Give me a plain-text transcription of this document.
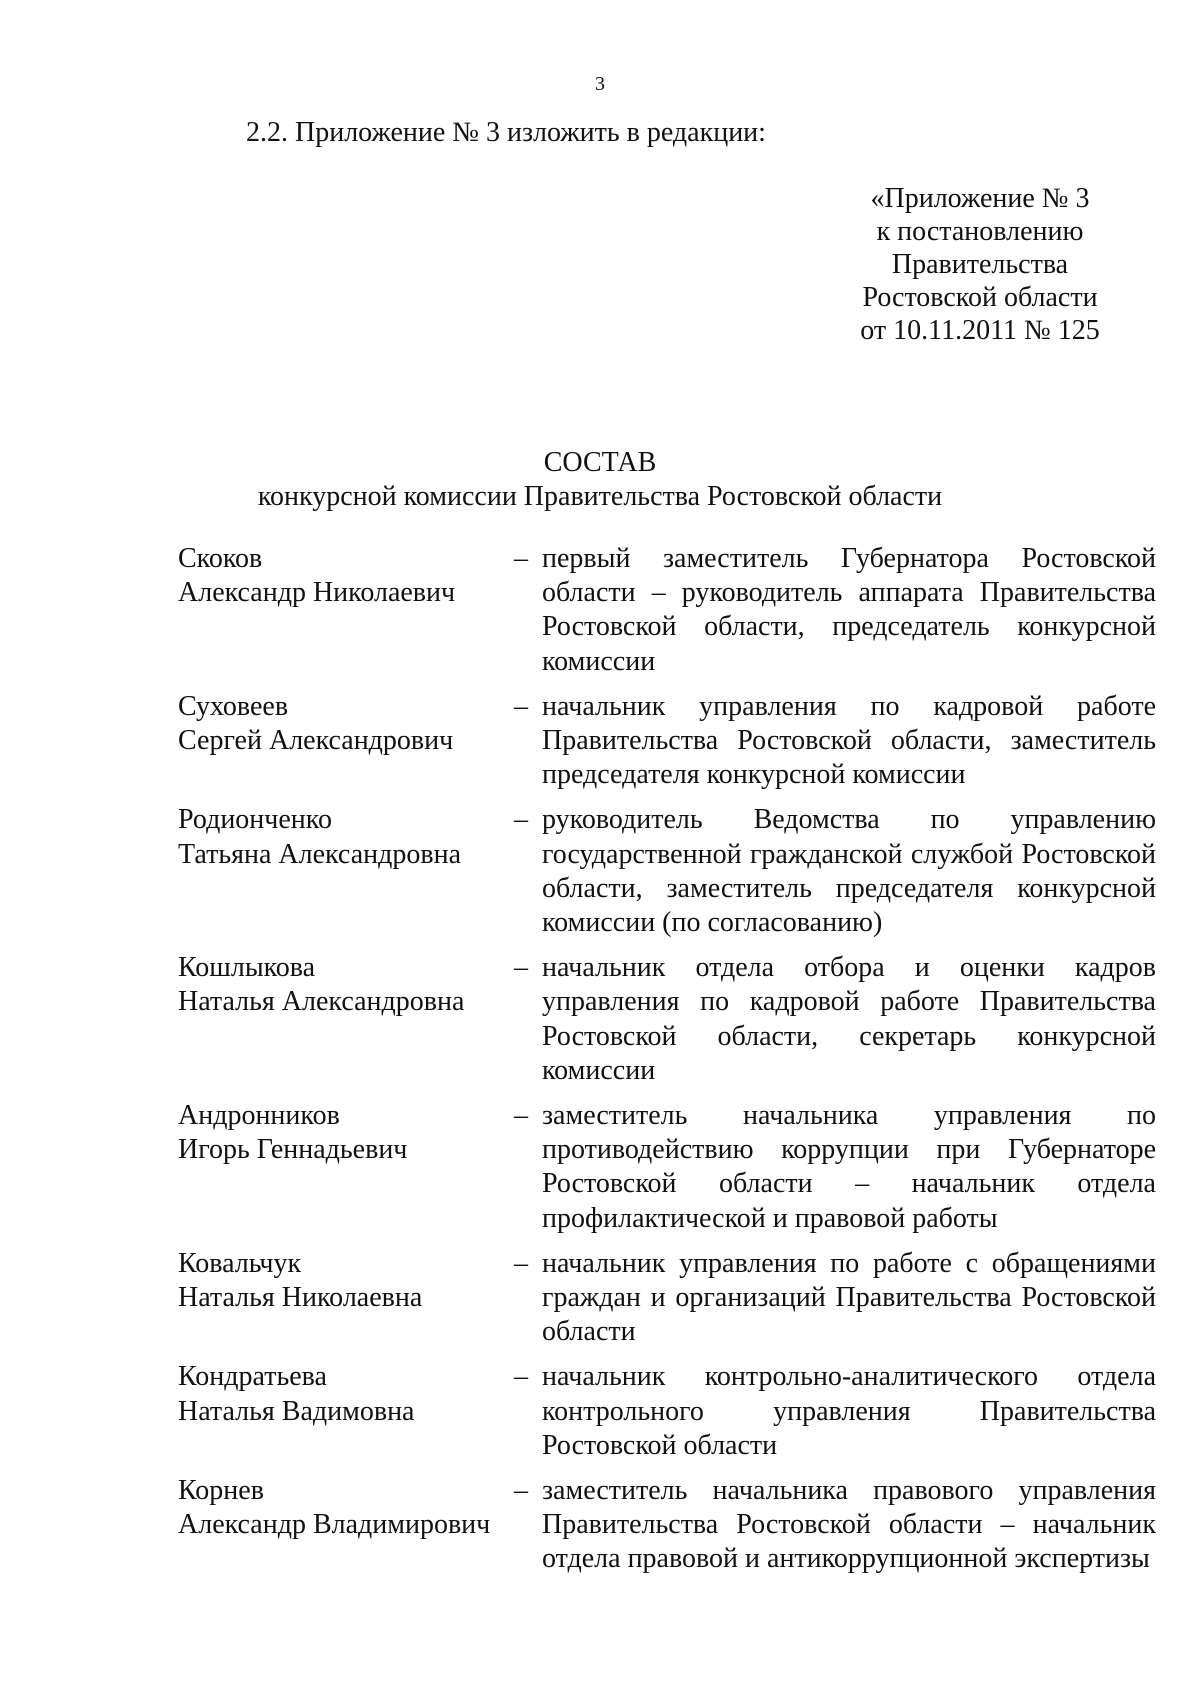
3
2.2. Приложение № 3 изложить в редакции:
«Приложение № 3
к постановлению
Правительства
Ростовской области
от 10.11.2011 № 125
СОСТАВ
конкурсной комиссии Правительства Ростовской области
Скоков
Александр Николаевич
– первый заместитель Губернатора Ростовской области – руководитель аппарата Правительства Ростовской области, председатель конкурсной комиссии
Суховеев
Сергей Александрович
– начальник управления по кадровой работе Правительства Ростовской области, заместитель председателя конкурсной комиссии
Родионченко
Татьяна Александровна
– руководитель Ведомства по управлению государственной гражданской службой Ростовской области, заместитель председателя конкурсной комиссии (по согласованию)
Кошлыкова
Наталья Александровна
– начальник отдела отбора и оценки кадров управления по кадровой работе Правительства Ростовской области, секретарь конкурсной комиссии
Андронников
Игорь Геннадьевич
– заместитель начальника управления по противодействию коррупции при Губернаторе Ростовской области – начальник отдела профилактической и правовой работы
Ковальчук
Наталья Николаевна
– начальник управления по работе с обращениями граждан и организаций Правительства Ростовской области
Кондратьева
Наталья Вадимовна
– начальник контрольно-аналитического отдела контрольного управления Правительства Ростовской области
Корнев
Александр Владимирович
– заместитель начальника правового управления Правительства Ростовской области – начальник отдела правовой и антикоррупционной экспертизы
